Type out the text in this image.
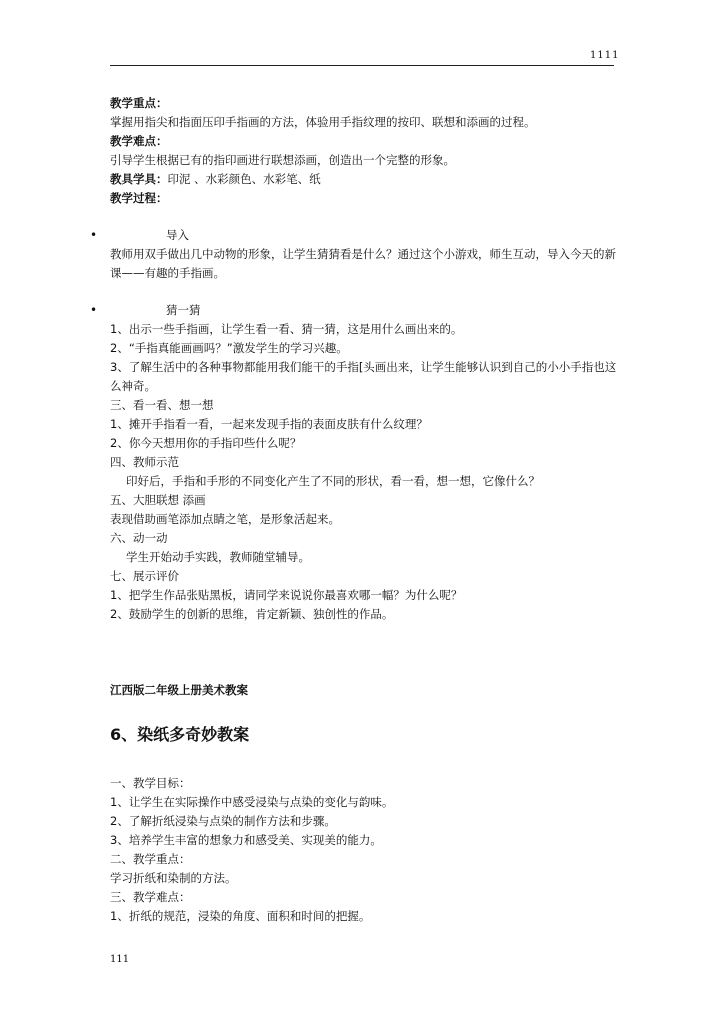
1111
教学重点：
掌握用指尖和指面压印手指画的方法，体验用手指纹理的按印、联想和添画的过程。
教学难点：
引导学生根据已有的指印画进行联想添画，创造出一个完整的形象。
教具学具：印泥 、水彩颜色、水彩笔、纸
教学过程：
•	导入
教师用双手做出几中动物的形象，让学生猜猜看是什么？通过这个小游戏，师生互动，导入今天的新课——有趣的手指画。
•	猜一猜
1、出示一些手指画，让学生看一看、猜一猜，这是用什么画出来的。
2、“手指真能画画吗？”激发学生的学习兴趣。
3、了解生活中的各种事物都能用我们能干的手指[头画出来，让学生能够认识到自己的小小手指也这么神奇。
三、看一看、想一想
1、摊开手指看一看，一起来发现手指的表面皮肤有什么纹理？
2、你今天想用你的手指印些什么呢？
四、教师示范
印好后，手指和手形的不同变化产生了不同的形状，看一看，想一想，它像什么？
五、大胆联想 添画
表现借助画笔添加点睛之笔，是形象活起来。
六、动一动
学生开始动手实践，教师随堂辅导。
七、展示评价
1、把学生作品张贴黑板，请同学来说说你最喜欢哪一幅？为什么呢？
2、鼓励学生的创新的思维，肯定新颖、独创性的作品。
江西版二年级上册美术教案
6、染纸多奇妙教案
一、教学目标：
1、让学生在实际操作中感受浸染与点染的变化与韵味。
2、了解折纸浸染与点染的制作方法和步骤。
3、培养学生丰富的想象力和感受美、实现美的能力。
二、教学重点：
学习折纸和染制的方法。
三、教学难点：
1、折纸的规范，浸染的角度、面积和时间的把握。
111
